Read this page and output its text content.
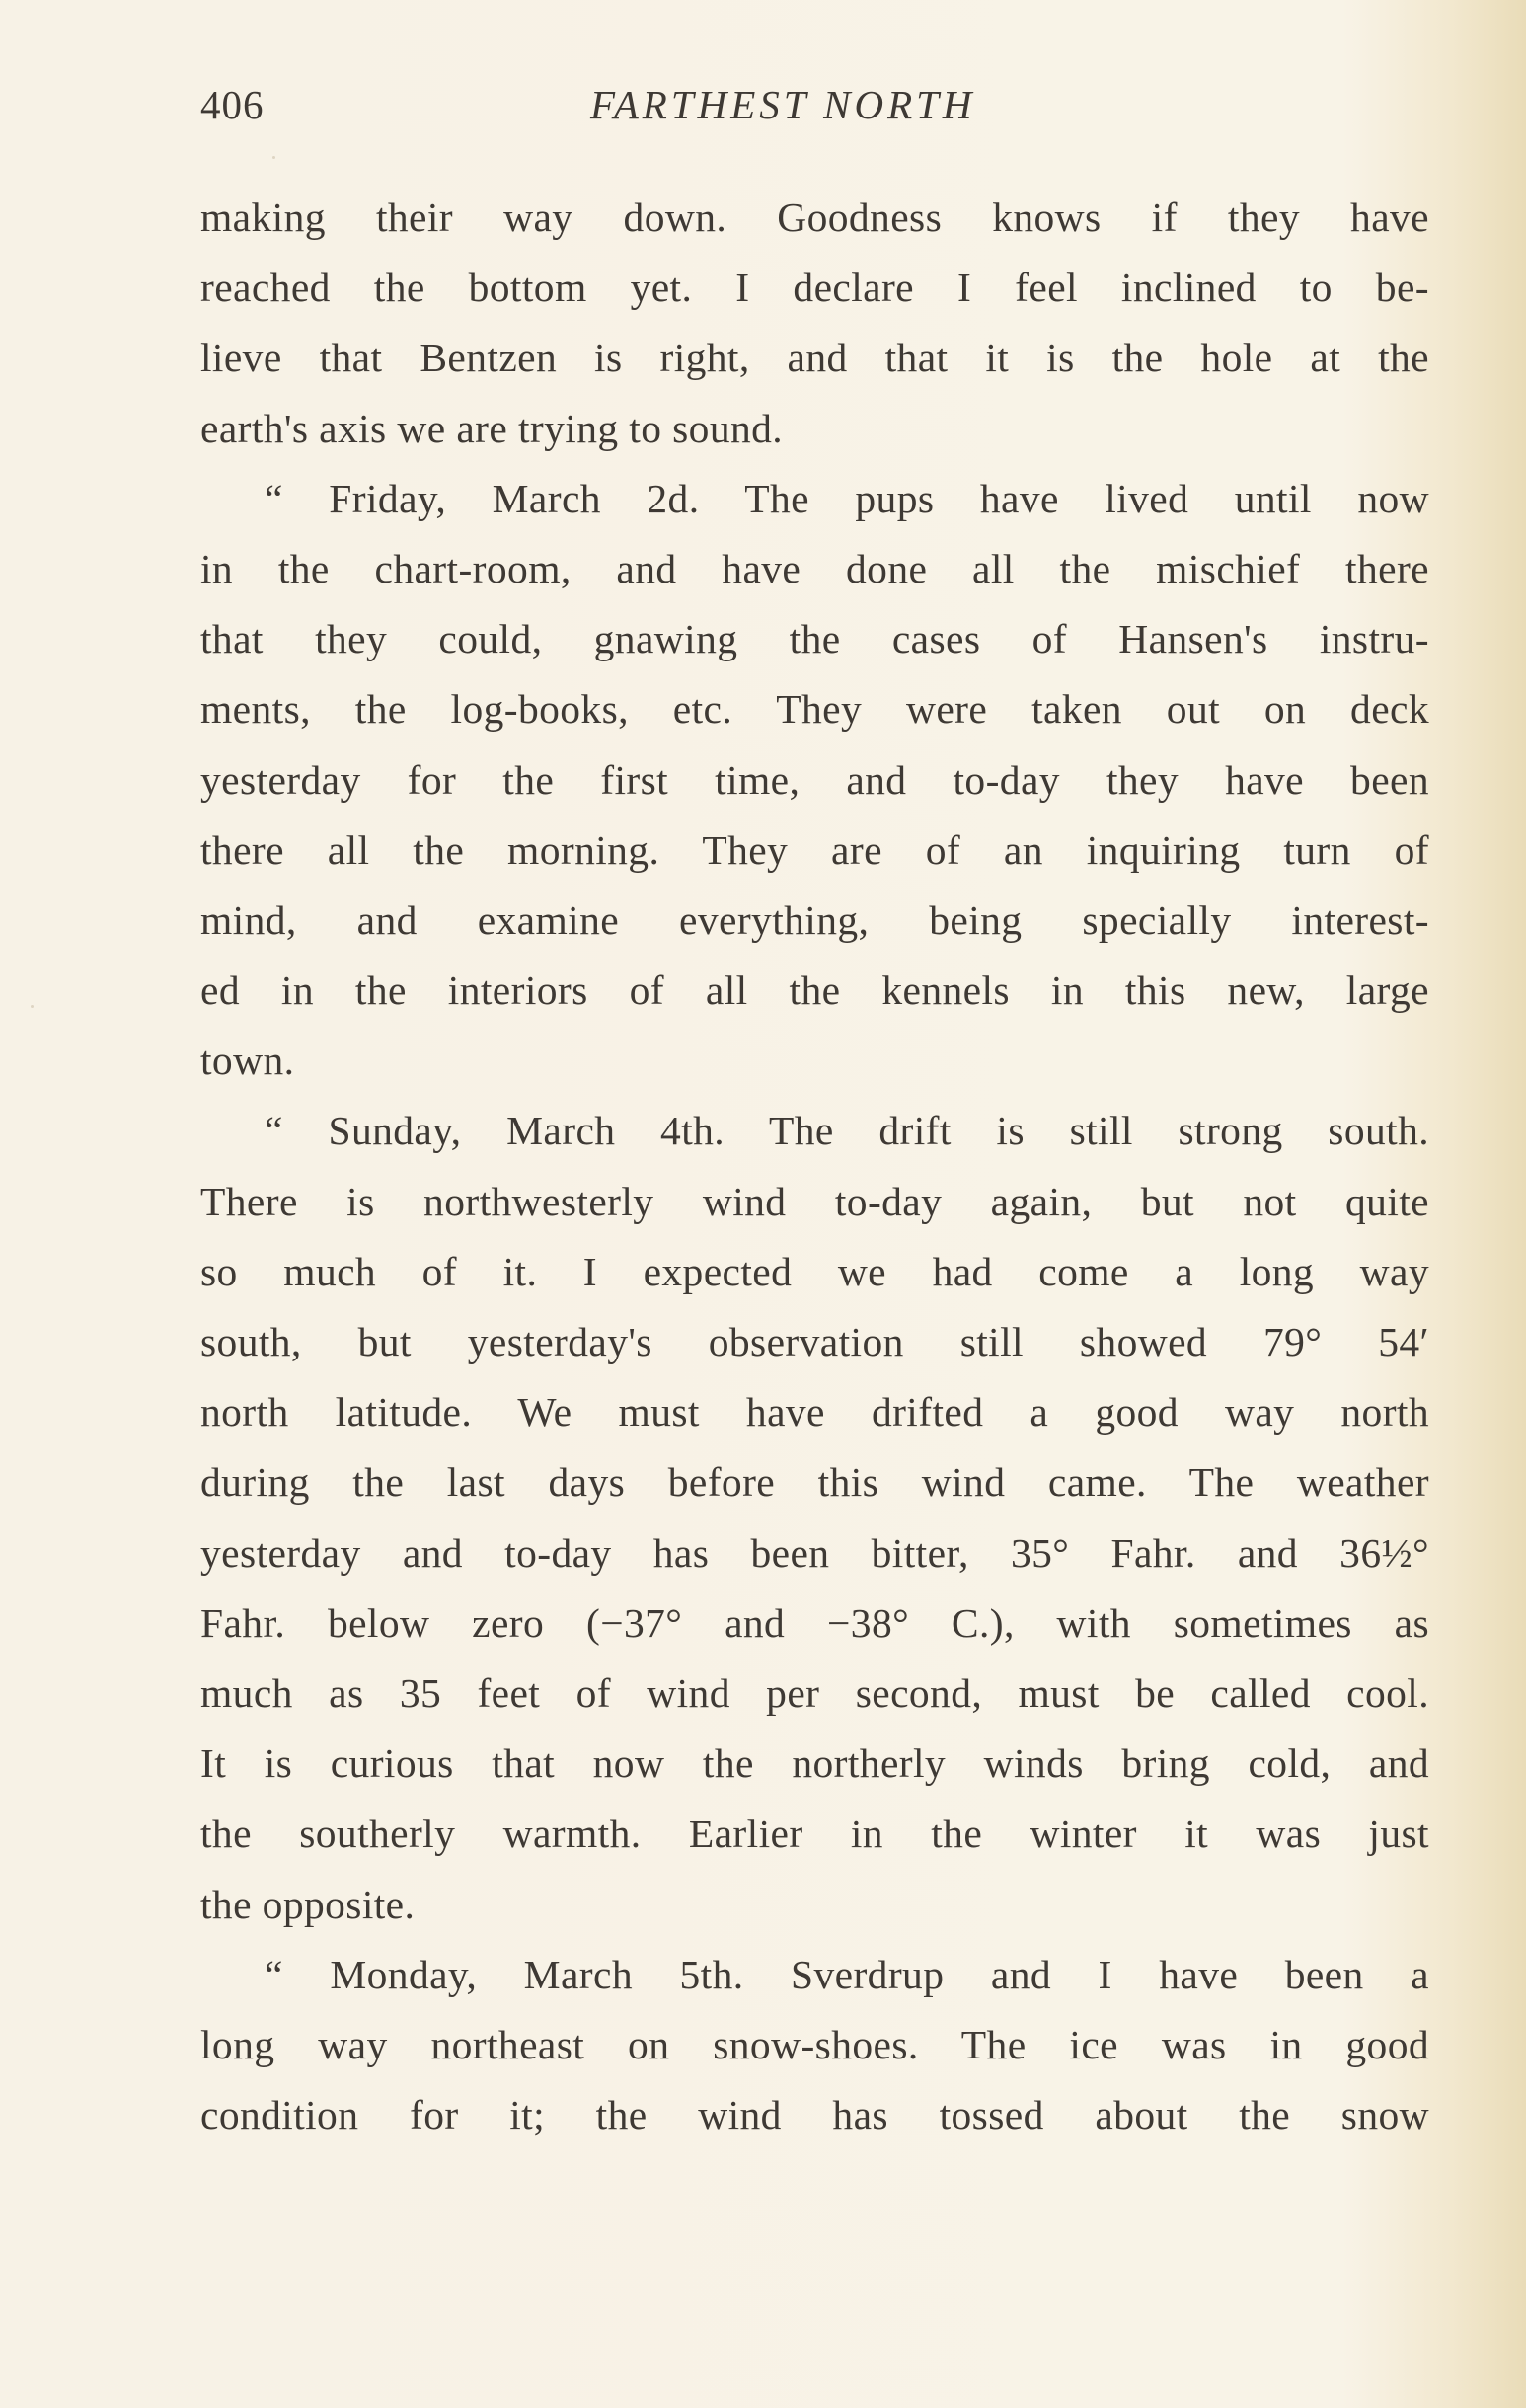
406	FARTHEST NORTH
making their way down. Goodness knows if they have
reached the bottom yet. I declare I feel inclined to be-
lieve that Bentzen is right, and that it is the hole at the
earth's axis we are trying to sound.
“ Friday, March 2d. The pups have lived until now
in the chart-room, and have done all the mischief there
that they could, gnawing the cases of Hansen's instru-
ments, the log-books, etc. They were taken out on deck
yesterday for the first time, and to-day they have been
there all the morning. They are of an inquiring turn of
mind, and examine everything, being specially interest-
ed in the interiors of all the kennels in this new, large
town.
“ Sunday, March 4th. The drift is still strong south.
There is northwesterly wind to-day again, but not quite
so much of it. I expected we had come a long way
south, but yesterday's observation still showed 79° 54′
north latitude. We must have drifted a good way north
during the last days before this wind came. The weather
yesterday and to-day has been bitter, 35° Fahr. and 36½°
Fahr. below zero (−37° and −38° C.), with sometimes as
much as 35 feet of wind per second, must be called cool.
It is curious that now the northerly winds bring cold, and
the southerly warmth. Earlier in the winter it was just
the opposite.
“ Monday, March 5th. Sverdrup and I have been a
long way northeast on snow-shoes. The ice was in good
condition for it; the wind has tossed about the snow
